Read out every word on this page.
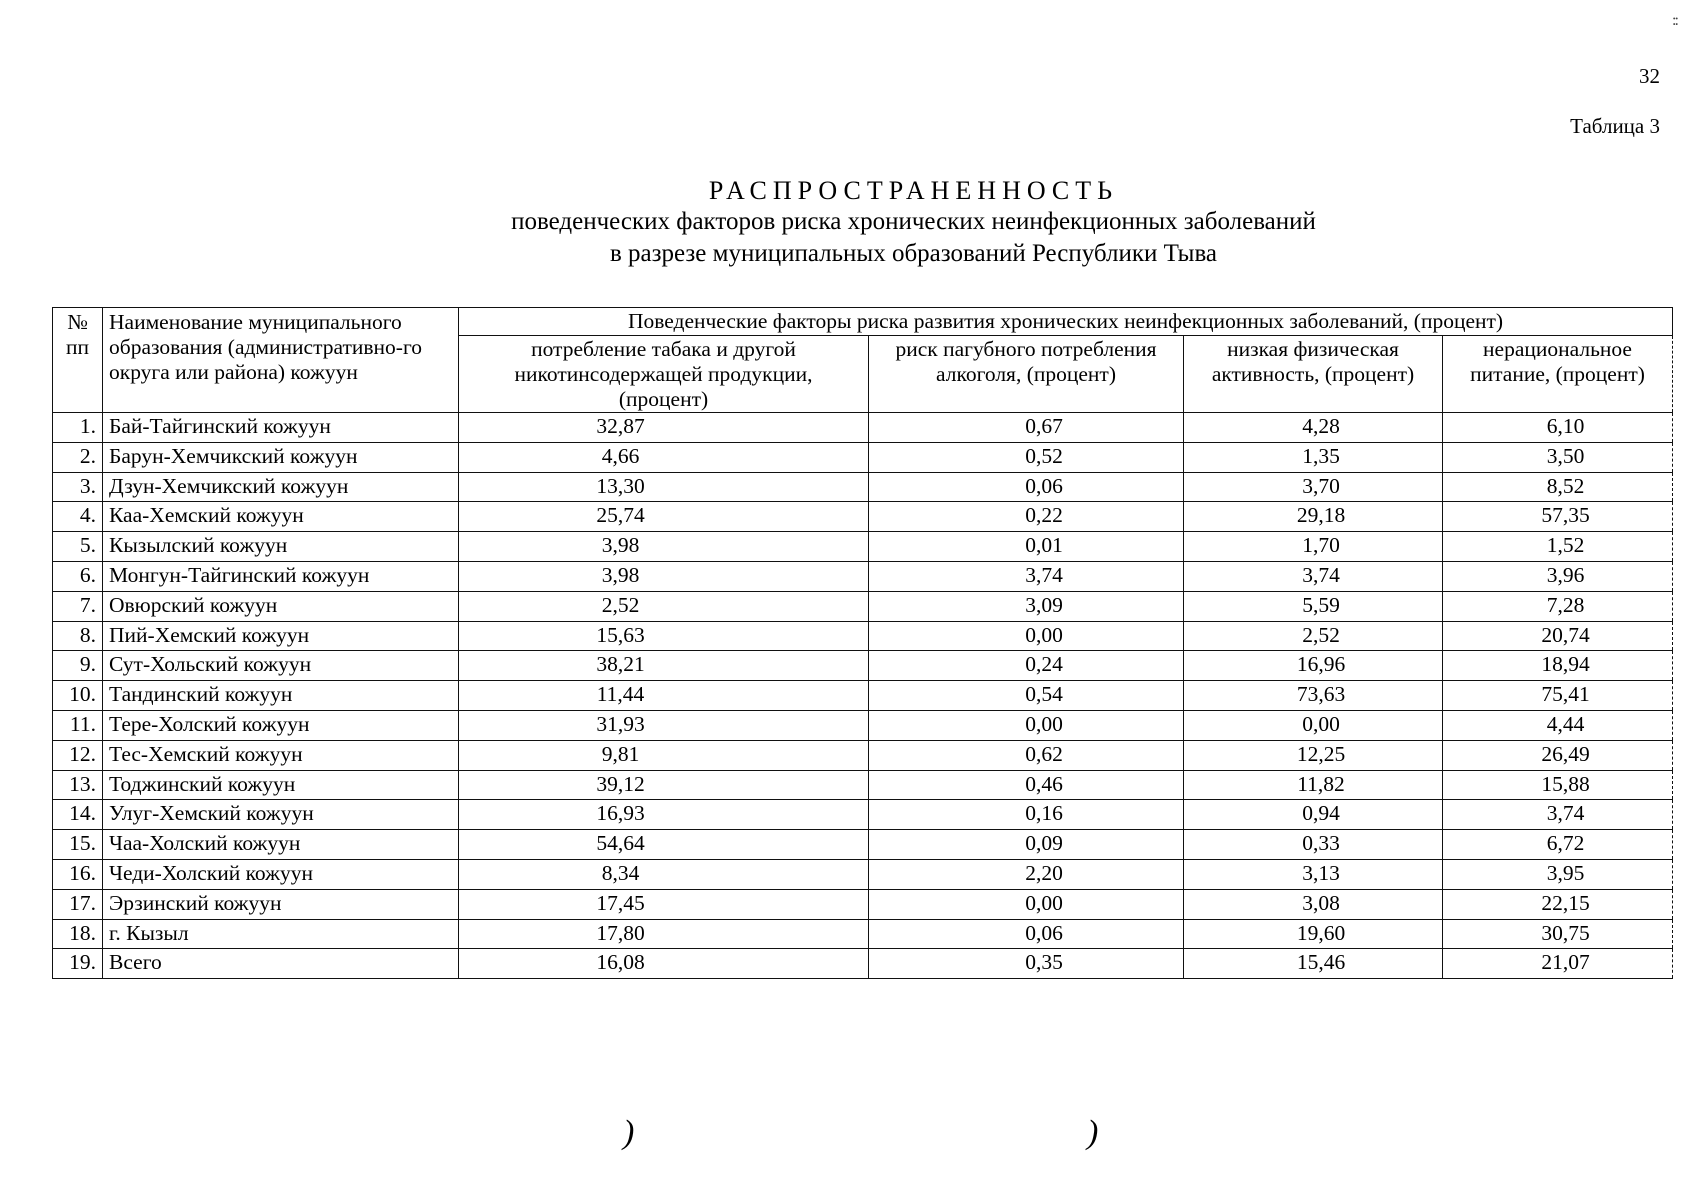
32
Таблица 3
::
РАСПРОСТРАНЕННОСТЬ
поведенческих факторов риска хронических неинфекционных заболеваний
в разрезе муниципальных образований Республики Тыва
№ пп	Наименование муниципального образования (административно-го округа или района) кожуун	Поведенческие факторы риска развития хронических неинфекционных заболеваний, (процент)			
		потребление табака и другой никотинсодержащей продукции, (процент)	риск пагубного потребления алкоголя, (процент)	низкая физическая активность, (процент)	нерациональное питание, (процент)
1.	Бай-Тайгинский кожуун	32,87	0,67	4,28	6,10
2.	Барун-Хемчикский кожуун	4,66	0,52	1,35	3,50
3.	Дзун-Хемчикский кожуун	13,30	0,06	3,70	8,52
4.	Каа-Хемский кожуун	25,74	0,22	29,18	57,35
5.	Кызылский кожуун	3,98	0,01	1,70	1,52
6.	Монгун-Тайгинский кожуун	3,98	3,74	3,74	3,96
7.	Овюрский кожуун	2,52	3,09	5,59	7,28
8.	Пий-Хемский кожуун	15,63	0,00	2,52	20,74
9.	Сут-Хольский кожуун	38,21	0,24	16,96	18,94
10.	Тандинский кожуун	11,44	0,54	73,63	75,41
11.	Тере-Холский кожуун	31,93	0,00	0,00	4,44
12.	Тес-Хемский кожуун	9,81	0,62	12,25	26,49
13.	Тоджинский кожуун	39,12	0,46	11,82	15,88
14.	Улуг-Хемский кожуун	16,93	0,16	0,94	3,74
15.	Чаа-Холский кожуун	54,64	0,09	0,33	6,72
16.	Чеди-Холский кожуун	8,34	2,20	3,13	3,95
17.	Эрзинский кожуун	17,45	0,00	3,08	22,15
18.	г. Кызыл	17,80	0,06	19,60	30,75
19.	Всего	16,08	0,35	15,46	21,07
)	)
